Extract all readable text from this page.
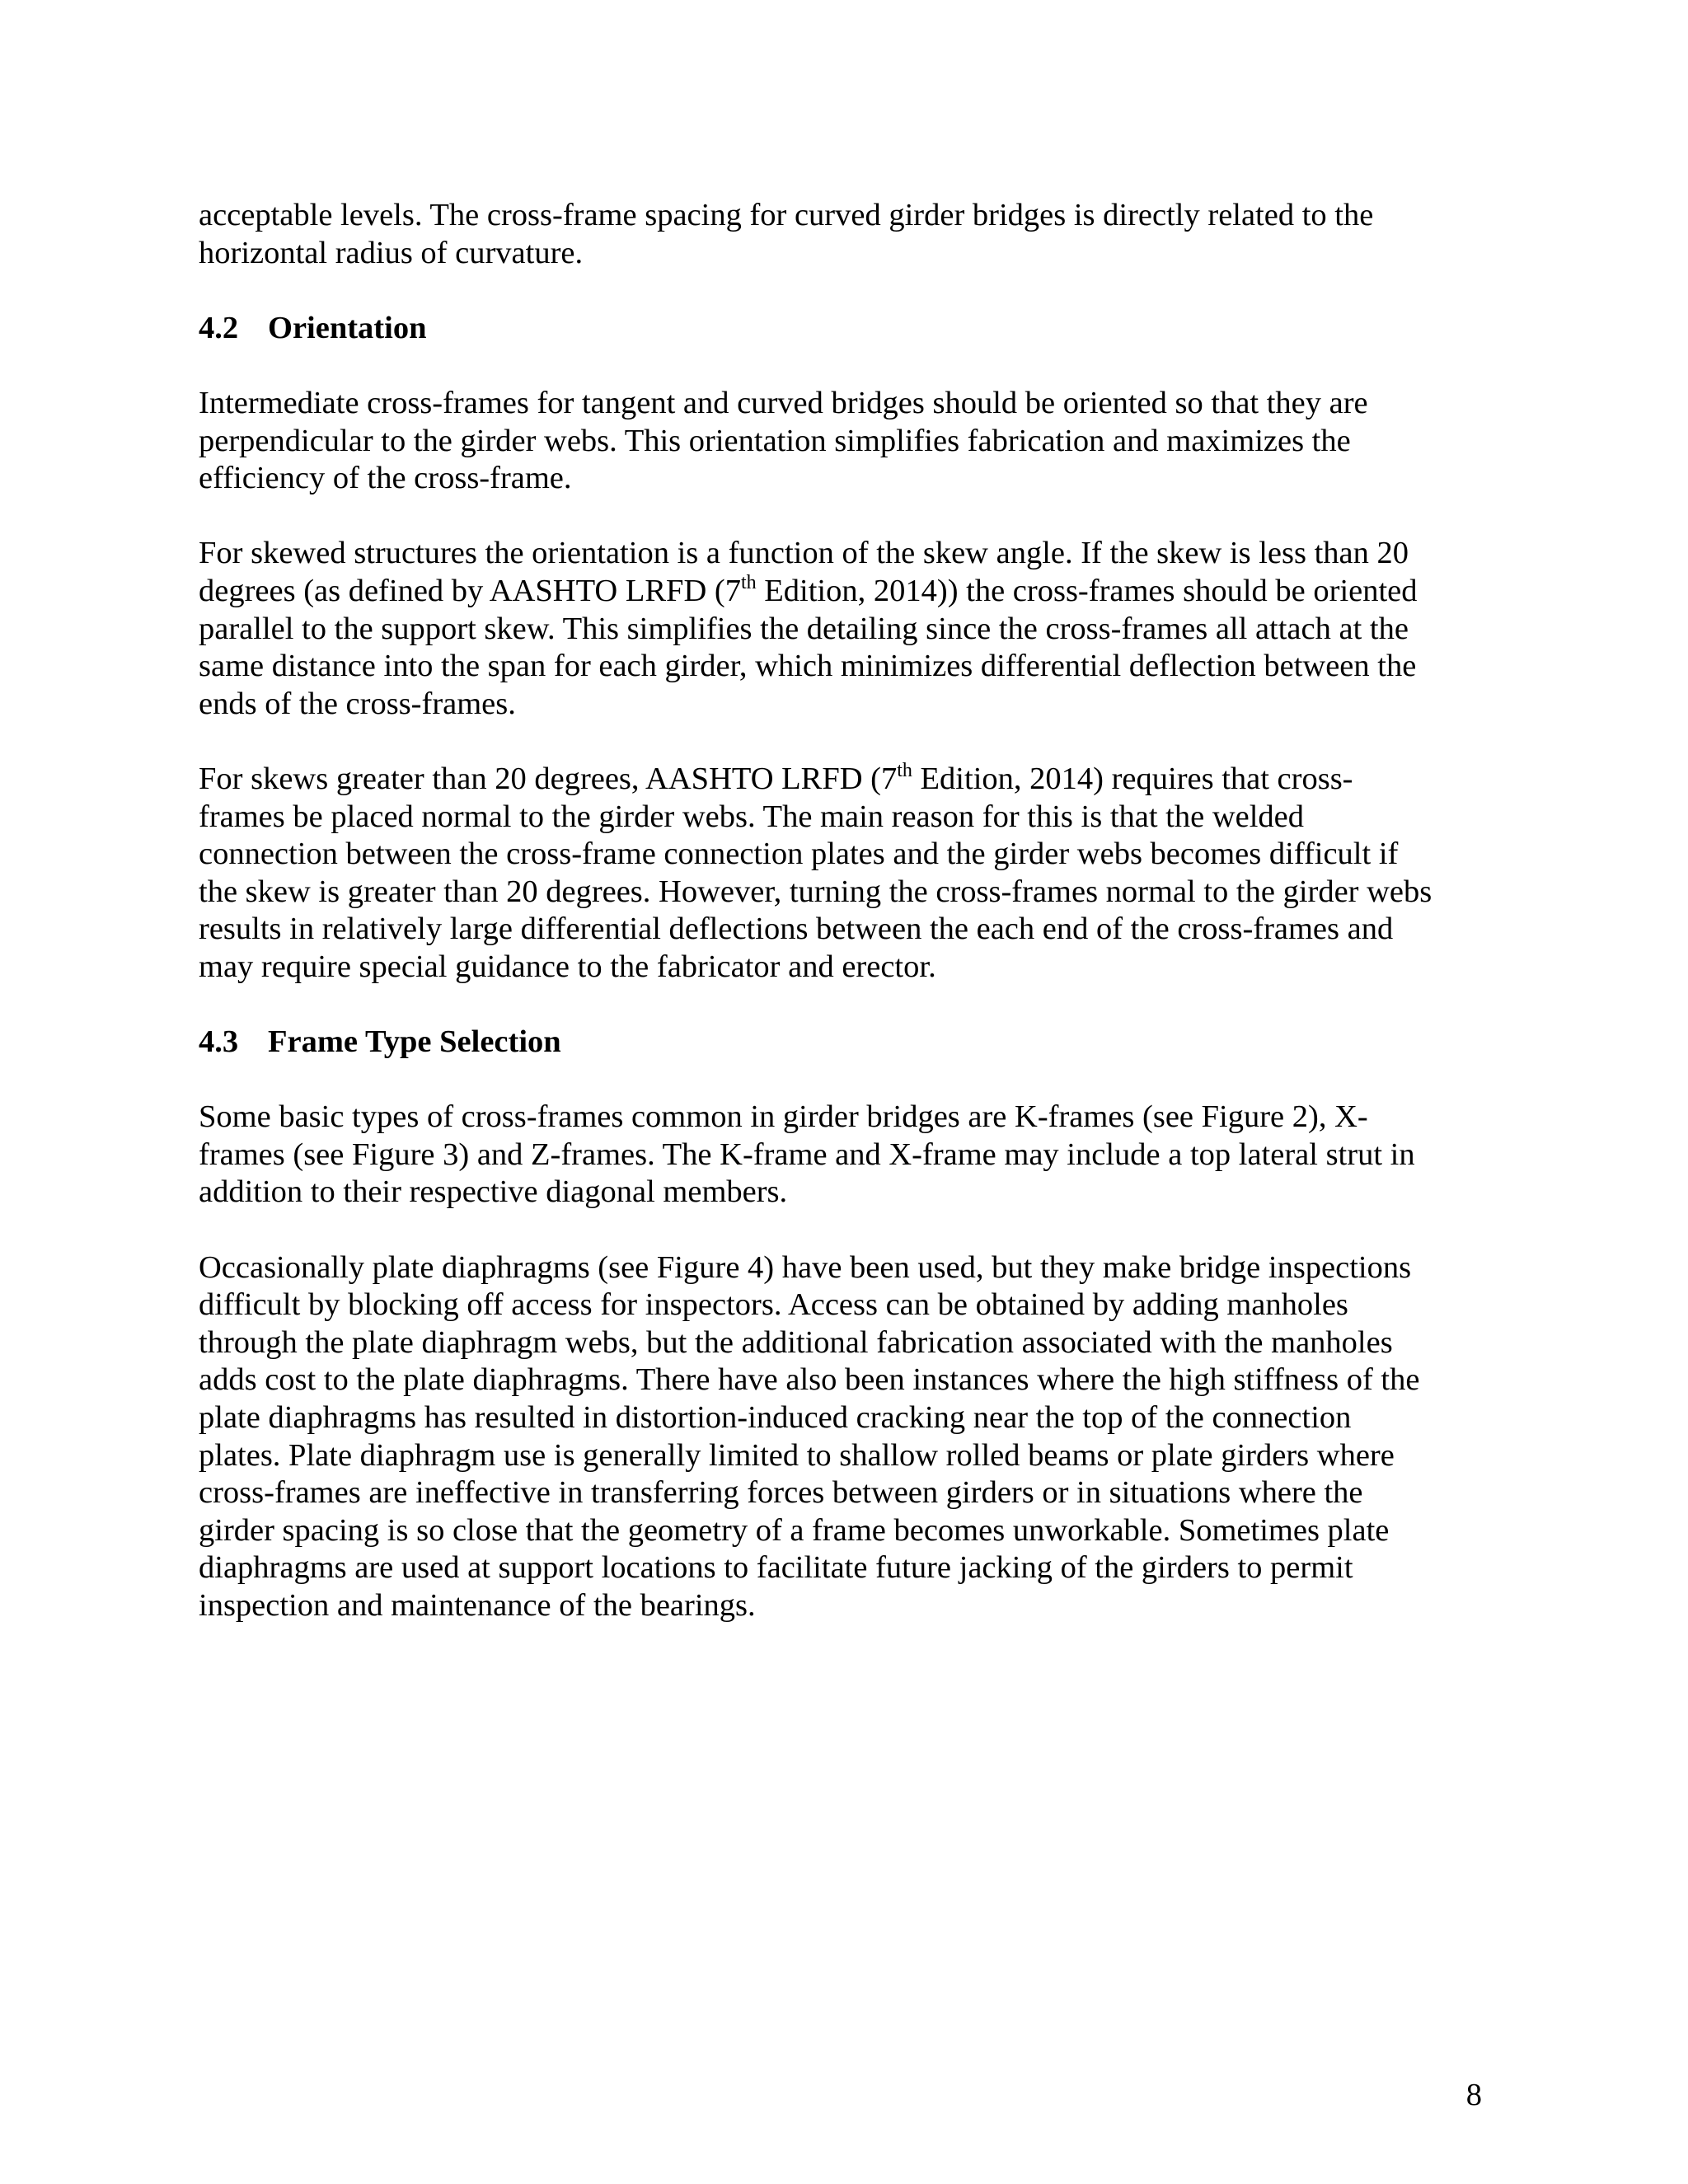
acceptable levels. The cross-frame spacing for curved girder bridges is directly related to the
horizontal radius of curvature.

4.2 Orientation

Intermediate cross-frames for tangent and curved bridges should be oriented so that they are
perpendicular to the girder webs. This orientation simplifies fabrication and maximizes the
efficiency of the cross-frame.

For skewed structures the orientation is a function of the skew angle. If the skew is less than 20
degrees (as defined by AASHTO LRFD (7th Edition, 2014)) the cross-frames should be oriented
parallel to the support skew. This simplifies the detailing since the cross-frames all attach at the
same distance into the span for each girder, which minimizes differential deflection between the
ends of the cross-frames.

For skews greater than 20 degrees, AASHTO LRFD (7th Edition, 2014) requires that cross-
frames be placed normal to the girder webs. The main reason for this is that the welded
connection between the cross-frame connection plates and the girder webs becomes difficult if
the skew is greater than 20 degrees. However, turning the cross-frames normal to the girder webs
results in relatively large differential deflections between the each end of the cross-frames and
may require special guidance to the fabricator and erector.

4.3 Frame Type Selection

Some basic types of cross-frames common in girder bridges are K-frames (see Figure 2), X-
frames (see Figure 3) and Z-frames. The K-frame and X-frame may include a top lateral strut in
addition to their respective diagonal members.

Occasionally plate diaphragms (see Figure 4) have been used, but they make bridge inspections
difficult by blocking off access for inspectors. Access can be obtained by adding manholes
through the plate diaphragm webs, but the additional fabrication associated with the manholes
adds cost to the plate diaphragms. There have also been instances where the high stiffness of the
plate diaphragms has resulted in distortion-induced cracking near the top of the connection
plates. Plate diaphragm use is generally limited to shallow rolled beams or plate girders where
cross-frames are ineffective in transferring forces between girders or in situations where the
girder spacing is so close that the geometry of a frame becomes unworkable. Sometimes plate
diaphragms are used at support locations to facilitate future jacking of the girders to permit
inspection and maintenance of the bearings.

8
